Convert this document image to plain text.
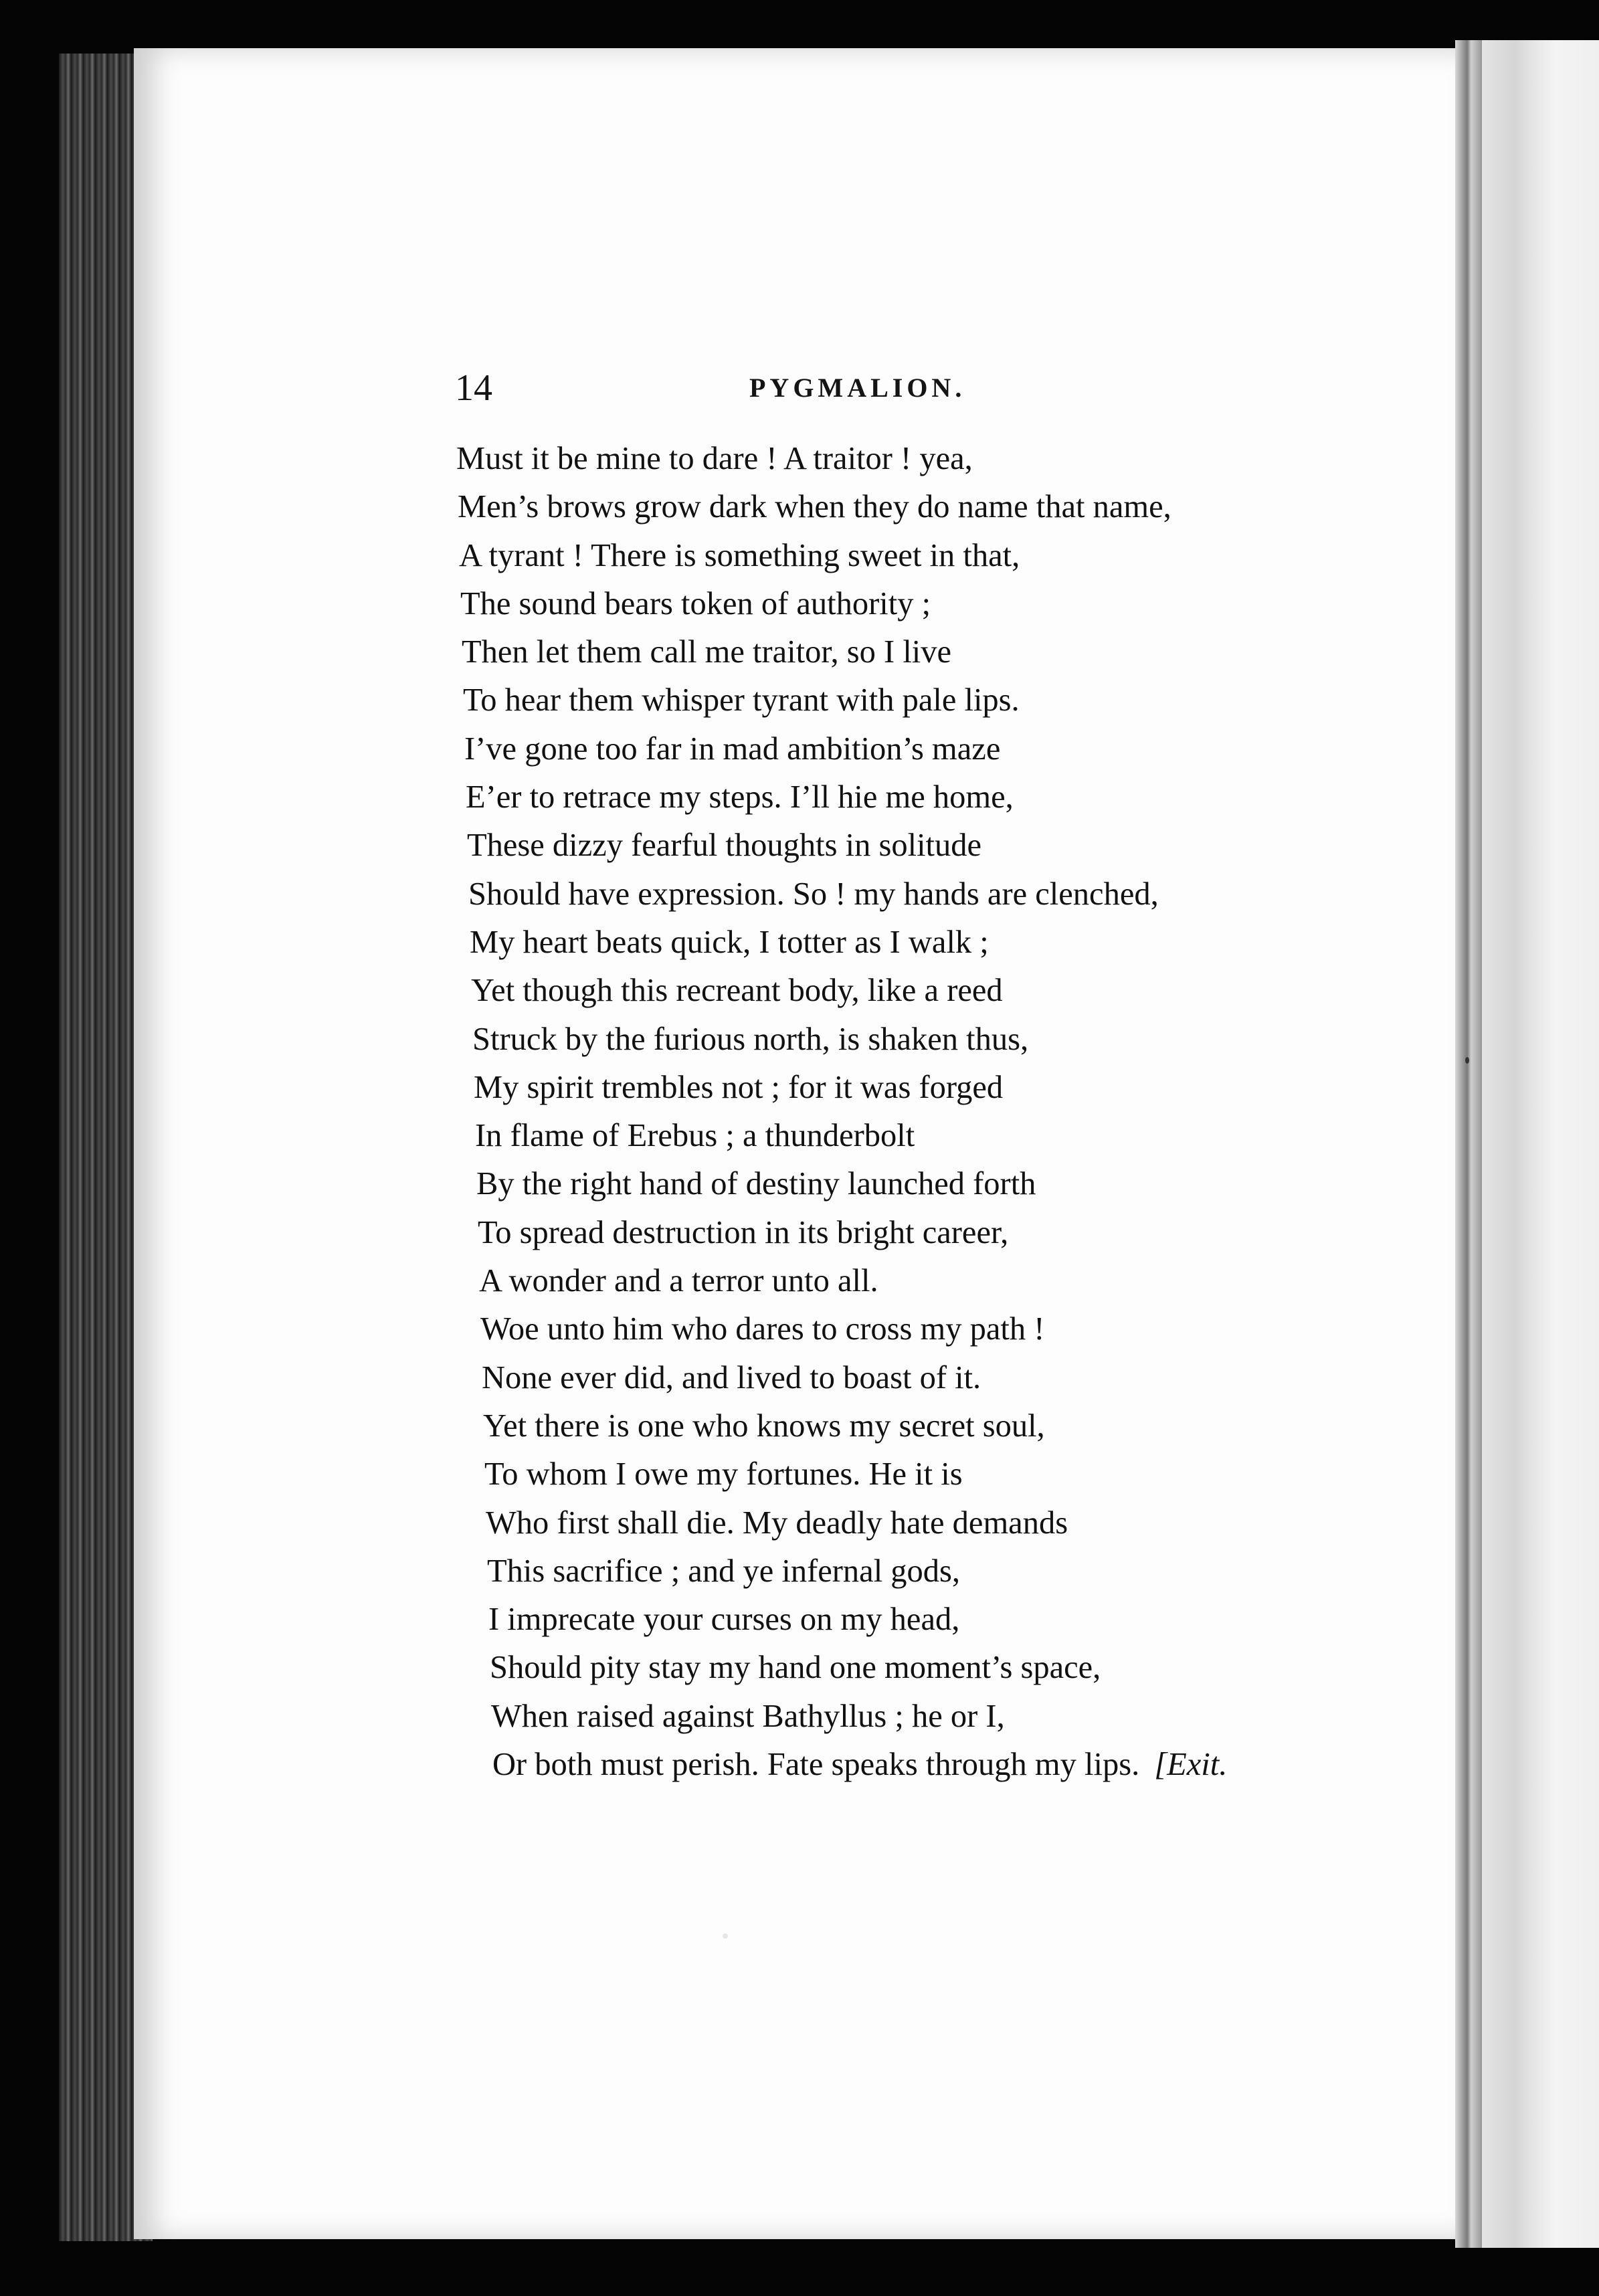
14	PYGMALION.
Must it be mine to dare ! A traitor ! yea,
Men’s brows grow dark when they do name that name,
A tyrant ! There is something sweet in that,
The sound bears token of authority ;
Then let them call me traitor, so I live
To hear them whisper tyrant with pale lips.
I’ve gone too far in mad ambition’s maze
E’er to retrace my steps. I’ll hie me home,
These dizzy fearful thoughts in solitude
Should have expression. So ! my hands are clenched,
My heart beats quick, I totter as I walk ;
Yet though this recreant body, like a reed
Struck by the furious north, is shaken thus,
My spirit trembles not ; for it was forged
In flame of Erebus ; a thunderbolt
By the right hand of destiny launched forth
To spread destruction in its bright career,
A wonder and a terror unto all.
Woe unto him who dares to cross my path !
None ever did, and lived to boast of it.
Yet there is one who knows my secret soul,
To whom I owe my fortunes. He it is
Who first shall die. My deadly hate demands
This sacrifice ; and ye infernal gods,
I imprecate your curses on my head,
Should pity stay my hand one moment’s space,
When raised against Bathyllus ; he or I,
Or both must perish. Fate speaks through my lips. [Exit.
